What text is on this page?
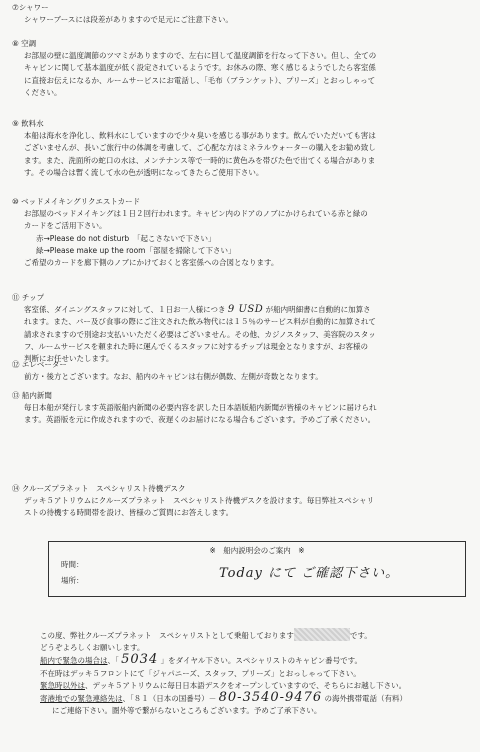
⑦シャワー
シャワーブースには段差がありますので足元にご注意下さい。
⑧ 空調
お部屋の壁に温度調節のツマミがありますので、左右に回して温度調節を行なって下さい。但し、全ての
キャビンに関して基本温度が低く設定されているようです。お休みの際、寒く感じるようでしたら客室係
に直接お伝えになるか、ルームサービスにお電話し、「毛布（ブランケット）、プリーズ」とおっしゃって
ください。
⑨ 飲料水
本船は海水を浄化し、飲料水にしていますので少々臭いを感じる事があります。飲んでいただいても害は
ございませんが、長いご旅行中の体調を考慮して、ご心配な方はミネラルウォーターの購入をお勧め致し
ます。また、洗面所の蛇口の水は、メンテナンス等で一時的に黄色みを帯びた色で出てくる場合がありま
す。その場合は暫く流して水の色が透明になってきたらご使用下さい。
⑩ ベッドメイキングリクエストカード
お部屋のベッドメイキングは１日２回行われます。キャビン内のドアのノブにかけられている赤と緑の
カードをご活用下さい。
赤→Please do not disturb　「起こさないで下さい」
緑→Please make up the room「部屋を掃除して下さい」
ご希望のカードを廊下側のノブにかけておくと客室係への合図となります。
⑪ チップ
客室係、ダイニングスタッフに対して、１日お一人様につき 9 USD が船内明細書に自動的に加算さ
れます。また、バー及び食事の際にご注文された飲み物代には１５％のサービス料が自動的に加算されて
請求されますので別途お支払いいただく必要はございません。その他、カジノスタッフ、美容院のスタッ
フ、ルームサービスを頼まれた時に運んでくるスタッフに対するチップは現金となりますが、お客様の
判断にお任せいたします。
⑫ エレベーター
前方・後方とございます。なお、船内のキャビンは右側が偶数、左側が奇数となります。
⑬ 船内新聞
毎日本船が発行します英語版船内新聞の必要内容を訳した日本語版船内新聞が皆様のキャビンに届けられ
ます。英語版を元に作成されますので、夜遅くのお届けになる場合もございます。予めご了承ください。
⑭ クルーズプラネット　スペシャリスト待機デスク
デッキ５アトリウムにクルーズプラネット　スペシャリスト待機デスクを設けます。毎日弊社スペシャリ
ストの待機する時間帯を設け、皆様のご質問にお答えします。
※　船内説明会のご案内　※
時間：
場所：	Today にて ご確認下さい。
この度、弊社クルーズプラネット　スペシャリストとして乗船しております	です。
どうぞよろしくお願いします。
船内で緊急の場合は、「 5034 」をダイヤル下さい。スペシャリストのキャビン番号です。
不在時はデッキ５フロントにて「ジャパニーズ、スタッフ、プリーズ」とおっしゃって下さい。
緊急時以外は、デッキ５アトリウムに毎日日本語デスクをオープンしていますので、そちらにお越し下さい。
寄港地での緊急連絡先は、「８１（日本の国番号）－ 80-3540-9476 の海外携帯電話（有料）
にご連絡下さい。圏外等で繋がらないところもございます。予めご了承下さい。
